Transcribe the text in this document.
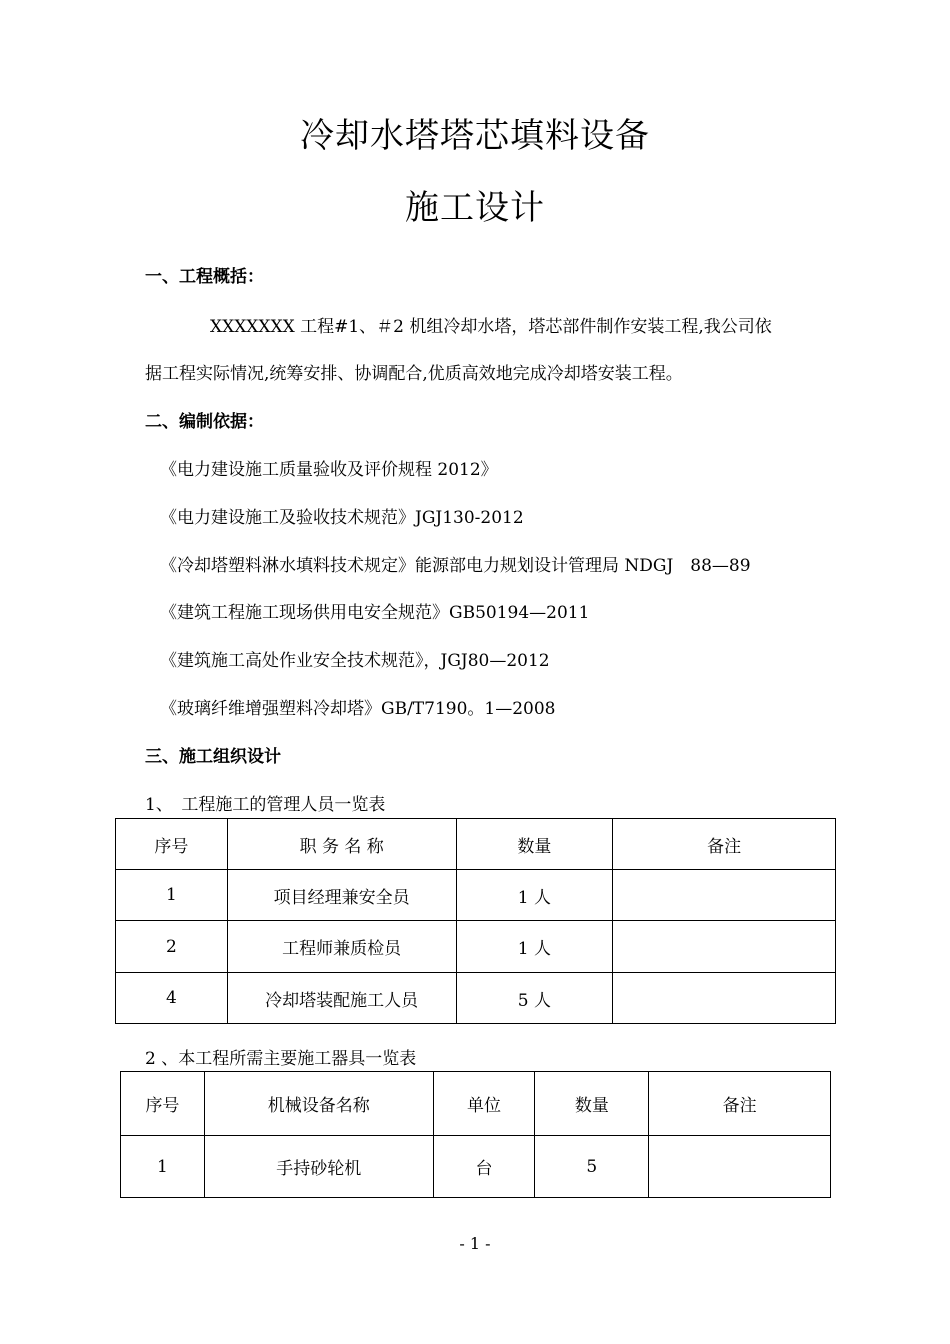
冷却水塔塔芯填料设备
施工设计
一、工程概括：
XXXXXXX 工程#1、＃2 机组冷却水塔，塔芯部件制作安装工程,我公司依
据工程实际情况,统筹安排、协调配合,优质高效地完成冷却塔安装工程。
二、编制依据：
《电力建设施工质量验收及评价规程 2012》
《电力建设施工及验收技术规范》JGJ130-2012
《冷却塔塑料淋水填料技术规定》能源部电力规划设计管理局 NDGJ　88—89
《建筑工程施工现场供用电安全规范》GB50194—2011
《建筑施工高处作业安全技术规范》，JGJ80—2012
《玻璃纤维增强塑料冷却塔》GB/T7190。1—2008
三、施工组织设计
1、　工程施工的管理人员一览表
序号	职 务 名 称	数量	备注
1	项目经理兼安全员	1 人	
2	工程师兼质检员	1 人	
4	冷却塔装配施工人员	5 人	
2 、本工程所需主要施工器具一览表
序号	机械设备名称	单位	数量	备注
1	手持砂轮机	台	5	
- 1 -
